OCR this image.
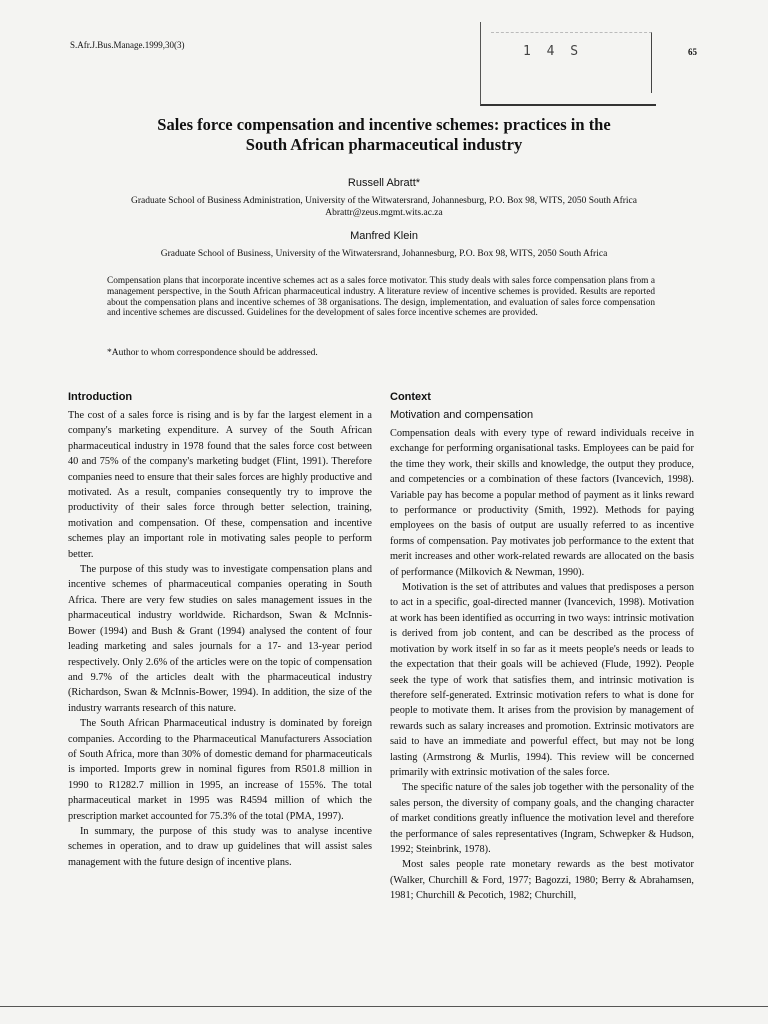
S.Afr.J.Bus.Manage.1999,30(3)
65
1 4 S
Sales force compensation and incentive schemes: practices in the
South African pharmaceutical industry
Russell Abratt*
Graduate School of Business Administration, University of the Witwatersrand, Johannesburg, P.O. Box 98, WITS, 2050 South Africa
Abrattr@zeus.mgmt.wits.ac.za
Manfred Klein
Graduate School of Business, University of the Witwatersrand, Johannesburg, P.O. Box 98, WITS, 2050 South Africa
Compensation plans that incorporate incentive schemes act as a sales force motivator. This study deals with sales force compensation plans from a management perspective, in the South African pharmaceutical industry. A literature review of incentive schemes is provided. Results are reported about the compensation plans and incentive schemes of 38 organisations. The design, implementation, and evaluation of sales force compensation and incentive schemes are discussed. Guidelines for the development of sales force incentive schemes are provided.
*Author to whom correspondence should be addressed.
Introduction

The cost of a sales force is rising and is by far the largest element in a company's marketing expenditure. A survey of the South African pharmaceutical industry in 1978 found that the sales force cost between 40 and 75% of the company's marketing budget (Flint, 1991). Therefore companies need to ensure that their sales forces are highly productive and motivated. As a result, companies consequently try to improve the productivity of their sales force through better selection, training, motivation and compensation. Of these, compensation and incentive schemes play an important role in motivating sales people to perform better.

The purpose of this study was to investigate compensation plans and incentive schemes of pharmaceutical companies operating in South Africa. There are very few studies on sales management issues in the pharmaceutical industry worldwide. Richardson, Swan & McInnis-Bower (1994) and Bush & Grant (1994) analysed the content of four leading marketing and sales journals for a 17- and 13-year period respectively. Only 2.6% of the articles were on the topic of compensation and 9.7% of the articles dealt with the pharmaceutical industry (Richardson, Swan & McInnis-Bower, 1994). In addition, the size of the industry warrants research of this nature.

The South African Pharmaceutical industry is dominated by foreign companies. According to the Pharmaceutical Manufacturers Association of South Africa, more than 30% of domestic demand for pharmaceuticals is imported. Imports grew in nominal figures from R501.8 million in 1990 to R1282.7 million in 1995, an increase of 155%. The total pharmaceutical market in 1995 was R4594 million of which the prescription market accounted for 75.3% of the total (PMA, 1997).

In summary, the purpose of this study was to analyse incentive schemes in operation, and to draw up guidelines that will assist sales management with the future design of incentive plans.

Context
Motivation and compensation

Compensation deals with every type of reward individuals receive in exchange for performing organisational tasks. Employees can be paid for the time they work, their skills and knowledge, the output they produce, and competencies or a combination of these factors (Ivancevich, 1998). Variable pay has become a popular method of payment as it links reward to performance or productivity (Smith, 1992). Methods for paying employees on the basis of output are usually referred to as incentive forms of compensation. Pay motivates job performance to the extent that merit increases and other work-related rewards are allocated on the basis of performance (Milkovich & Newman, 1990).

Motivation is the set of attributes and values that predisposes a person to act in a specific, goal-directed manner (Ivancevich, 1998). Motivation at work has been identified as occurring in two ways: intrinsic motivation is derived from job content, and can be described as the process of motivation by work itself in so far as it meets people's needs or leads to the expectation that their goals will be achieved (Flude, 1992). People seek the type of work that satisfies them, and intrinsic motivation is therefore self-generated. Extrinsic motivation refers to what is done for people to motivate them. It arises from the provision by management of rewards such as salary increases and promotion. Extrinsic motivators are said to have an immediate and powerful effect, but may not be long lasting (Armstrong & Murlis, 1994). This review will be concerned primarily with extrinsic motivation of the sales force.

The specific nature of the sales job together with the personality of the sales person, the diversity of company goals, and the changing character of market conditions greatly influence the motivation level and therefore the performance of sales representatives (Ingram, Schwepker & Hudson, 1992; Steinbrink, 1978).

Most sales people rate monetary rewards as the best motivator (Walker, Churchill & Ford, 1977; Bagozzi, 1980; Berry & Abrahamsen, 1981; Churchill & Pecotich, 1982; Churchill,
